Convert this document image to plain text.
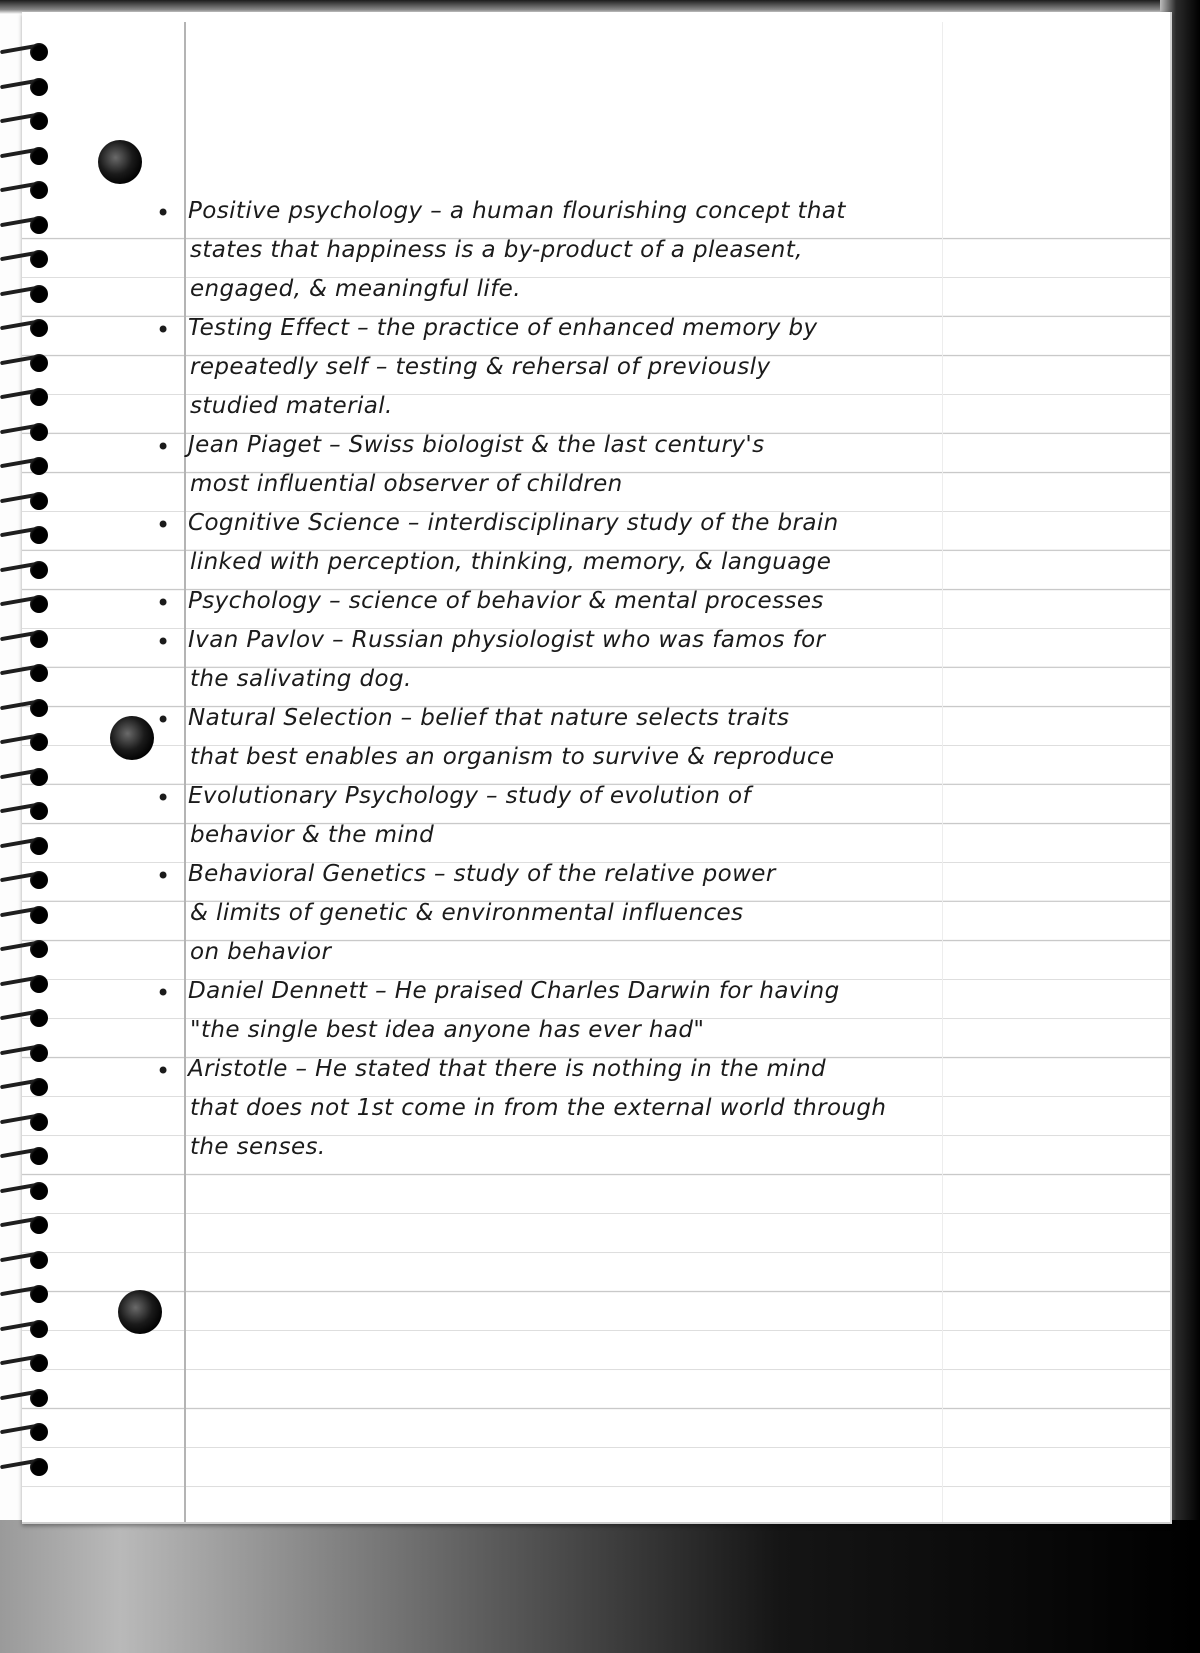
• Positive psychology – a human flourishing concept that
states that happiness is a by-product of a pleasent,
engaged, & meaningful life.
• Testing Effect – the practice of enhanced memory by
repeatedly self – testing & rehersal of previously
studied material.
• Jean Piaget – Swiss biologist & the last century's
most influential observer of children
• Cognitive Science – interdisciplinary study of the brain
linked with perception, thinking, memory, & language
• Psychology – science of behavior & mental processes
• Ivan Pavlov – Russian physiologist who was famos for
the salivating dog.
• Natural Selection – belief that nature selects traits
that best enables an organism to survive & reproduce
• Evolutionary Psychology – study of evolution of
behavior & the mind
• Behavioral Genetics – study of the relative power
& limits of genetic & environmental influences
on behavior
• Daniel Dennett – He praised Charles Darwin for having
"the single best idea anyone has ever had"
• Aristotle – He stated that there is nothing in the mind
that does not 1st come in from the external world through
the senses.
